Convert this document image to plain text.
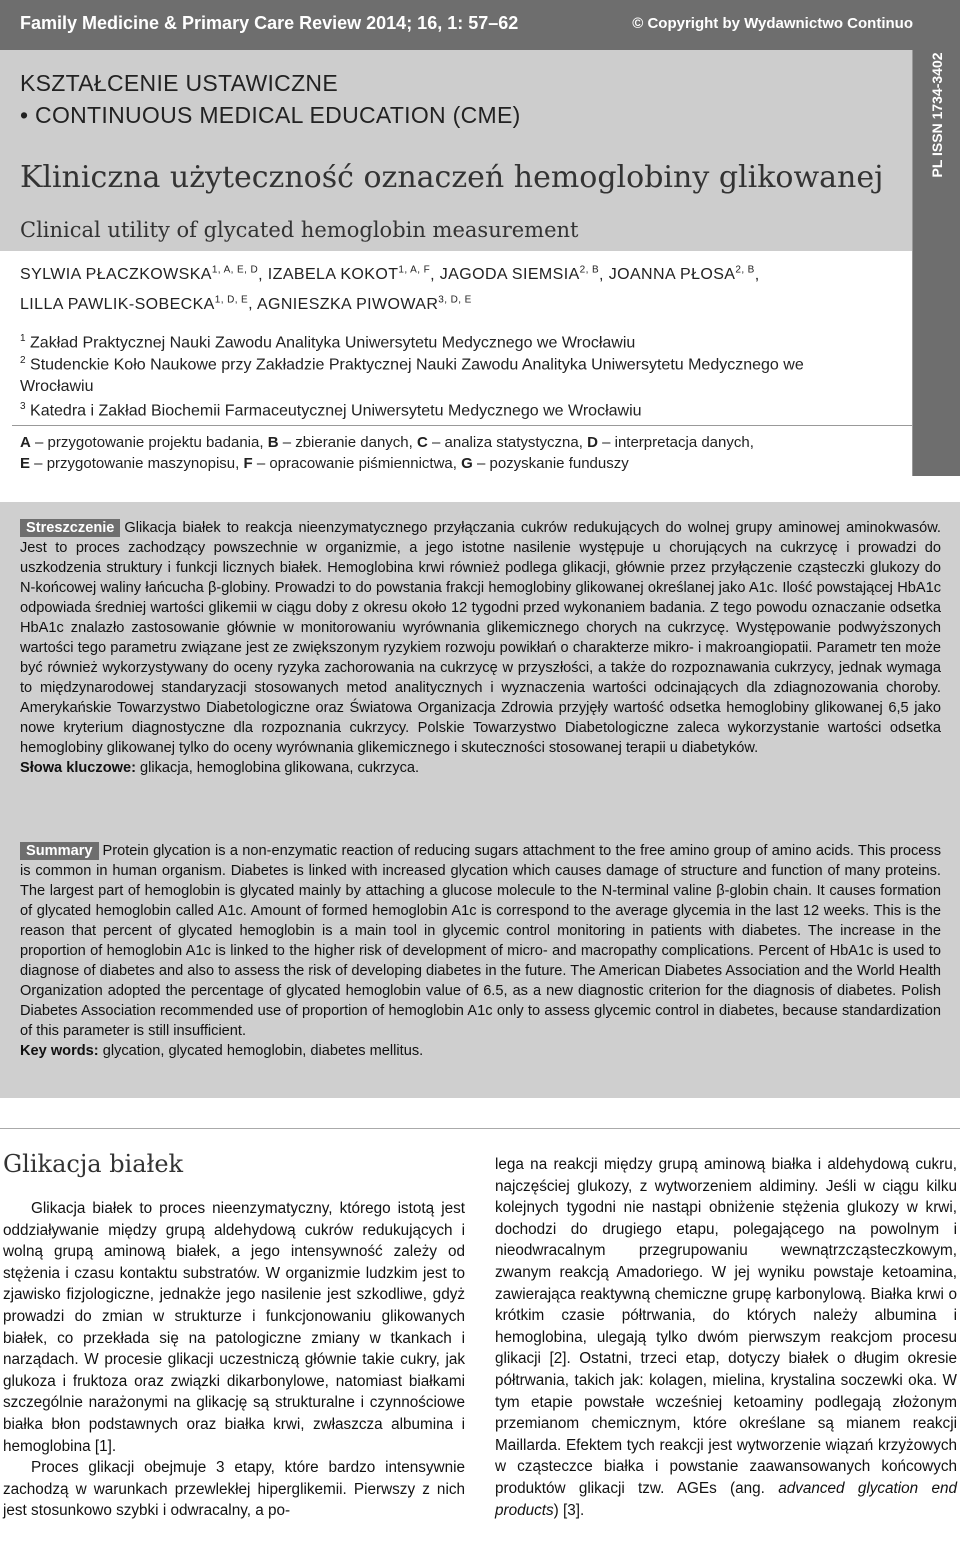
Family Medicine & Primary Care Review 2014; 16, 1: 57–62	© Copyright by Wydawnictwo Continuo
PL ISSN 1734-3402
KSZTAŁCENIE USTAWICZNE
• CONTINUOUS MEDICAL EDUCATION (CME)
Kliniczna użyteczność oznaczeń hemoglobiny glikowanej
Clinical utility of glycated hemoglobin measurement
SYLWIA $PŁACZKOWSKA^{1, A, E, D}$, IZABELA $KOKOT^{1, A, F}$, JAGODA $SIEMSIA^{2, B}$, JOANNA $PŁOSA^{2, B}$,
LILLA PAWLIK-$SOBECKA^{1, D, E}$, AGNIESZKA $PIWOWAR^{3, D, E}$
$^1$ Zakład Praktycznej Nauki Zawodu Analityka Uniwersytetu Medycznego we Wrocławiu
$^2$ Studenckie Koło Naukowe przy Zakładzie Praktycznej Nauki Zawodu Analityka Uniwersytetu Medycznego we Wrocławiu
$^3$ Katedra i Zakład Biochemii Farmaceutycznej Uniwersytetu Medycznego we Wrocławiu
A – przygotowanie projektu badania, B – zbieranie danych, C – analiza statystyczna, D – interpretacja danych,
E – przygotowanie maszynopisu, F – opracowanie piśmiennictwa, G – pozyskanie funduszy
Streszczenie Glikacja białek to reakcja nieenzymatycznego przyłączania cukrów redukujących do wolnej grupy aminowej aminokwasów. Jest to proces zachodzący powszechnie w organizmie, a jego istotne nasilenie występuje u chorujących na cukrzycę i prowadzi do uszkodzenia struktury i funkcji licznych białek. Hemoglobina krwi również podlega glikacji, głównie przez przyłączenie cząsteczki glukozy do N-końcowej waliny łańcucha β-globiny. Prowadzi to do powstania frakcji hemoglobiny glikowanej określanej jako A1c. Ilość powstającej HbA1c odpowiada średniej wartości glikemii w ciągu doby z okresu około 12 tygodni przed wykonaniem badania. Z tego powodu oznaczanie odsetka HbA1c znalazło zastosowanie głównie w monitorowaniu wyrównania glikemicznego chorych na cukrzycę. Występowanie podwyższonych wartości tego parametru związane jest ze zwiększonym ryzykiem rozwoju powikłań o charakterze mikro- i makroangiopatii. Parametr ten może być również wykorzystywany do oceny ryzyka zachorowania na cukrzycę w przyszłości, a także do rozpoznawania cukrzycy, jednak wymaga to międzynarodowej standaryzacji stosowanych metod analitycznych i wyznaczenia wartości odcinających dla zdiagnozowania choroby. Amerykańskie Towarzystwo Diabetologiczne oraz Światowa Organizacja Zdrowia przyjęły wartość odsetka hemoglobiny glikowanej 6,5 jako nowe kryterium diagnostyczne dla rozpoznania cukrzycy. Polskie Towarzystwo Diabetologiczne zaleca wykorzystanie wartości odsetka hemoglobiny glikowanej tylko do oceny wyrównania glikemicznego i skuteczności stosowanej terapii u diabetyków.
Słowa kluczowe: glikacja, hemoglobina glikowana, cukrzyca.
Summary Protein glycation is a non-enzymatic reaction of reducing sugars attachment to the free amino group of amino acids. This process is common in human organism. Diabetes is linked with increased glycation which causes damage of structure and function of many proteins. The largest part of hemoglobin is glycated mainly by attaching a glucose molecule to the N-terminal valine β-globin chain. It causes formation of glycated hemoglobin called A1c. Amount of formed hemoglobin A1c is correspond to the average glycemia in the last 12 weeks. This is the reason that percent of glycated hemoglobin is a main tool in glycemic control monitoring in patients with diabetes. The increase in the proportion of hemoglobin A1c is linked to the higher risk of development of micro- and macropathy complications. Percent of HbA1c is used to diagnose of diabetes and also to assess the risk of developing diabetes in the future. The American Diabetes Association and the World Health Organization adopted the percentage of glycated hemoglobin value of 6.5, as a new diagnostic criterion for the diagnosis of diabetes. Polish Diabetes Association recommended use of proportion of hemoglobin A1c only to assess glycemic control in diabetes, because standardization of this parameter is still insufficient.
Key words: glycation, glycated hemoglobin, diabetes mellitus.
Glikacja białek

Glikacja białek to proces nieenzymatyczny, którego istotą jest oddziaływanie między grupą aldehydową cukrów redukujących i wolną grupą aminową białek, a jego intensywność zależy od stężenia i czasu kontaktu substratów. W organizmie ludzkim jest to zjawisko fizjologiczne, jednakże jego nasilenie jest szkodliwe, gdyż prowadzi do zmian w strukturze i funkcjonowaniu glikowanych białek, co przekłada się na patologiczne zmiany w tkankach i narządach. W procesie glikacji uczestniczą głównie takie cukry, jak glukoza i fruktoza oraz związki dikarbonylowe, natomiast białkami szczególnie narażonymi na glikację są strukturalne i czynnościowe białka błon podstawnych oraz białka krwi, zwłaszcza albumina i hemoglobina [1].

Proces glikacji obejmuje 3 etapy, które bardzo intensywnie zachodzą w warunkach przewlekłej hiperglikemii. Pierwszy z nich jest stosunkowo szybki i odwracalny, a po-

lega na reakcji między grupą aminową białka i aldehydową cukru, najczęściej glukozy, z wytworzeniem aldiminy. Jeśli w ciągu kilku kolejnych tygodni nie nastąpi obniżenie stężenia glukozy w krwi, dochodzi do drugiego etapu, polegającego na powolnym i nieodwracalnym przegrupowaniu wewnątrzcząsteczkowym, zwanym reakcją Amadoriego. W jej wyniku powstaje ketoamina, zawierająca reaktywną chemiczne grupę karbonylową. Białka krwi o krótkim czasie półtrwania, do których należy albumina i hemoglobina, ulegają tylko dwóm pierwszym reakcjom procesu glikacji [2]. Ostatni, trzeci etap, dotyczy białek o długim okresie półtrwania, takich jak: kolagen, mielina, krystalina soczewki oka. W tym etapie powstałe wcześniej ketoaminy podlegają złożonym przemianom chemicznym, które określane są mianem reakcji Maillarda. Efektem tych reakcji jest wytworzenie wiązań krzyżowych w cząsteczce białka i powstanie zaawansowanych końcowych produktów glikacji tzw. AGEs (ang. advanced glycation end products) [3].
